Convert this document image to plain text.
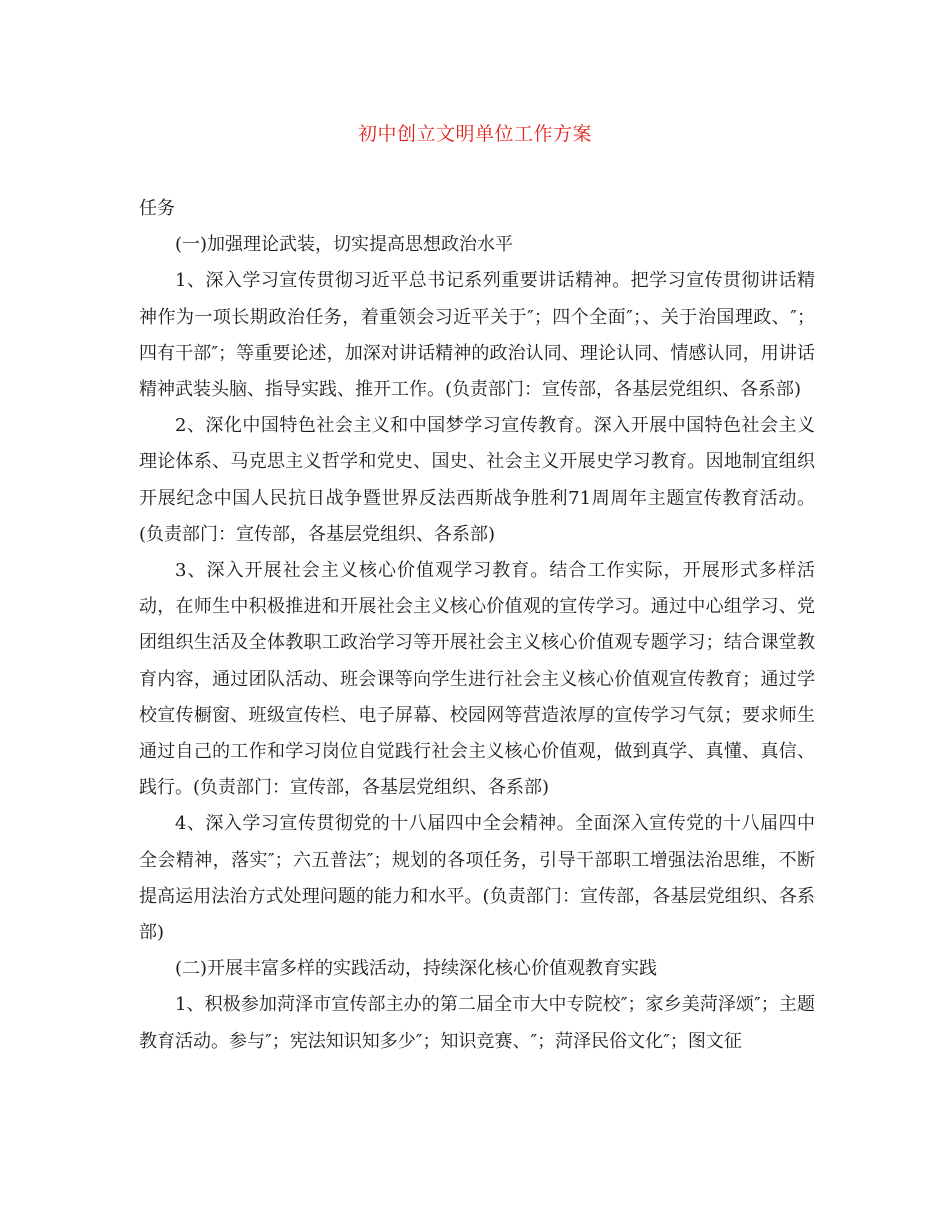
初中创立文明单位工作方案

任务

(一)加强理论武装，切实提高思想政治水平

1、深入学习宣传贯彻习近平总书记系列重要讲话精神。把学习宣传贯彻讲话精神作为一项长期政治任务，着重领会习近平关于″；四个全面″；、关于治国理政、″；四有干部″；等重要论述，加深对讲话精神的政治认同、理论认同、情感认同，用讲话精神武装头脑、指导实践、推开工作。(负责部门：宣传部，各基层党组织、各系部)

2、深化中国特色社会主义和中国梦学习宣传教育。深入开展中国特色社会主义理论体系、马克思主义哲学和党史、国史、社会主义开展史学习教育。因地制宜组织开展纪念中国人民抗日战争暨世界反法西斯战争胜利71周周年主题宣传教育活动。(负责部门：宣传部，各基层党组织、各系部)

3、深入开展社会主义核心价值观学习教育。结合工作实际，开展形式多样活动，在师生中积极推进和开展社会主义核心价值观的宣传学习。通过中心组学习、党团组织生活及全体教职工政治学习等开展社会主义核心价值观专题学习；结合课堂教育内容，通过团队活动、班会课等向学生进行社会主义核心价值观宣传教育；通过学校宣传橱窗、班级宣传栏、电子屏幕、校园网等营造浓厚的宣传学习气氛；要求师生通过自己的工作和学习岗位自觉践行社会主义核心价值观，做到真学、真懂、真信、践行。(负责部门：宣传部，各基层党组织、各系部)

4、深入学习宣传贯彻党的十八届四中全会精神。全面深入宣传党的十八届四中全会精神，落实″；六五普法″；规划的各项任务，引导干部职工增强法治思维，不断提高运用法治方式处理问题的能力和水平。(负责部门：宣传部，各基层党组织、各系部)

(二)开展丰富多样的实践活动，持续深化核心价值观教育实践

1、积极参加菏泽市宣传部主办的第二届全市大中专院校″；家乡美菏泽颂″；主题教育活动。参与″；宪法知识知多少″；知识竞赛、″；菏泽民俗文化″；图文征
